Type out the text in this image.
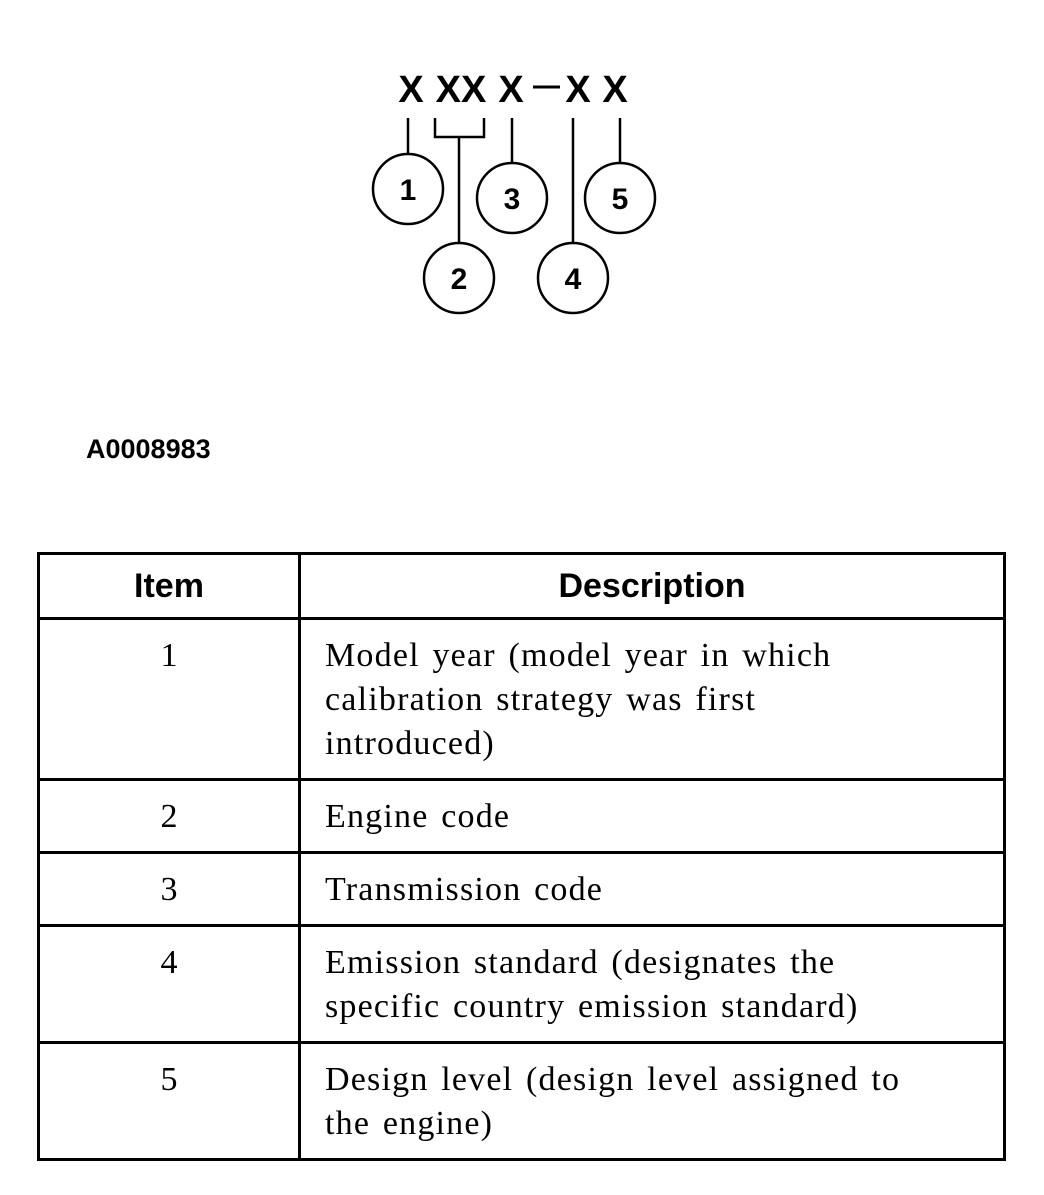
X XX X X X
1
2
3
4
5
A0008983
Item	Description
1	Model year (model year in which
calibration strategy was first
introduced)
2	Engine code
3	Transmission code
4	Emission standard (designates the
specific country emission standard)
5	Design level (design level assigned to
the engine)
